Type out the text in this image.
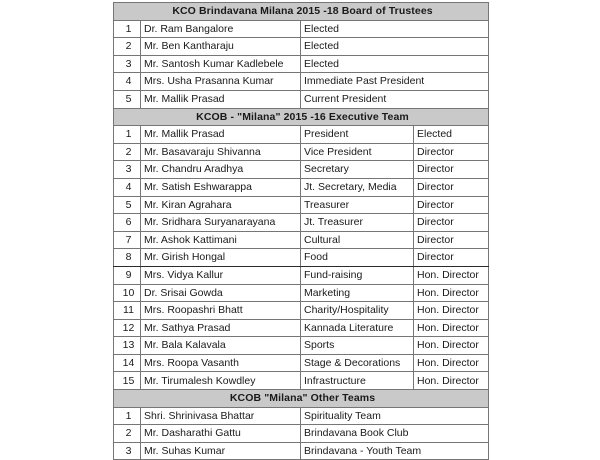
KCO Brindavana Milana 2015 -18 Board of Trustees			
1	Dr. Ram Bangalore	Elected	
2	Mr. Ben Kantharaju	Elected	
3	Mr. Santosh Kumar Kadlebele	Elected	
4	Mrs. Usha Prasanna Kumar	Immediate Past President	
5	Mr. Mallik Prasad	Current President	
KCOB - "Milana" 2015 -16 Executive Team			
1	Mr. Mallik Prasad	President	Elected
2	Mr. Basavaraju Shivanna	Vice President	Director
3	Mr. Chandru Aradhya	Secretary	Director
4	Mr. Satish Eshwarappa	Jt. Secretary, Media	Director
5	Mr. Kiran Agrahara	Treasurer	Director
6	Mr. Sridhara Suryanarayana	Jt. Treasurer	Director
7	Mr. Ashok Kattimani	Cultural	Director
8	Mr. Girish Hongal	Food	Director
9	Mrs. Vidya Kallur	Fund-raising	Hon. Director
10	Dr. Srisai Gowda	Marketing	Hon. Director
11	Mrs. Roopashri Bhatt	Charity/Hospitality	Hon. Director
12	Mr. Sathya Prasad	Kannada Literature	Hon. Director
13	Mr. Bala Kalavala	Sports	Hon. Director
14	Mrs. Roopa Vasanth	Stage & Decorations	Hon. Director
15	Mr. Tirumalesh Kowdley	Infrastructure	Hon. Director
KCOB "Milana" Other Teams			
1	Shri. Shrinivasa Bhattar	Spirituality Team	
2	Mr. Dasharathi Gattu	Brindavana Book Club	
3	Mr. Suhas Kumar	Brindavana - Youth Team	
